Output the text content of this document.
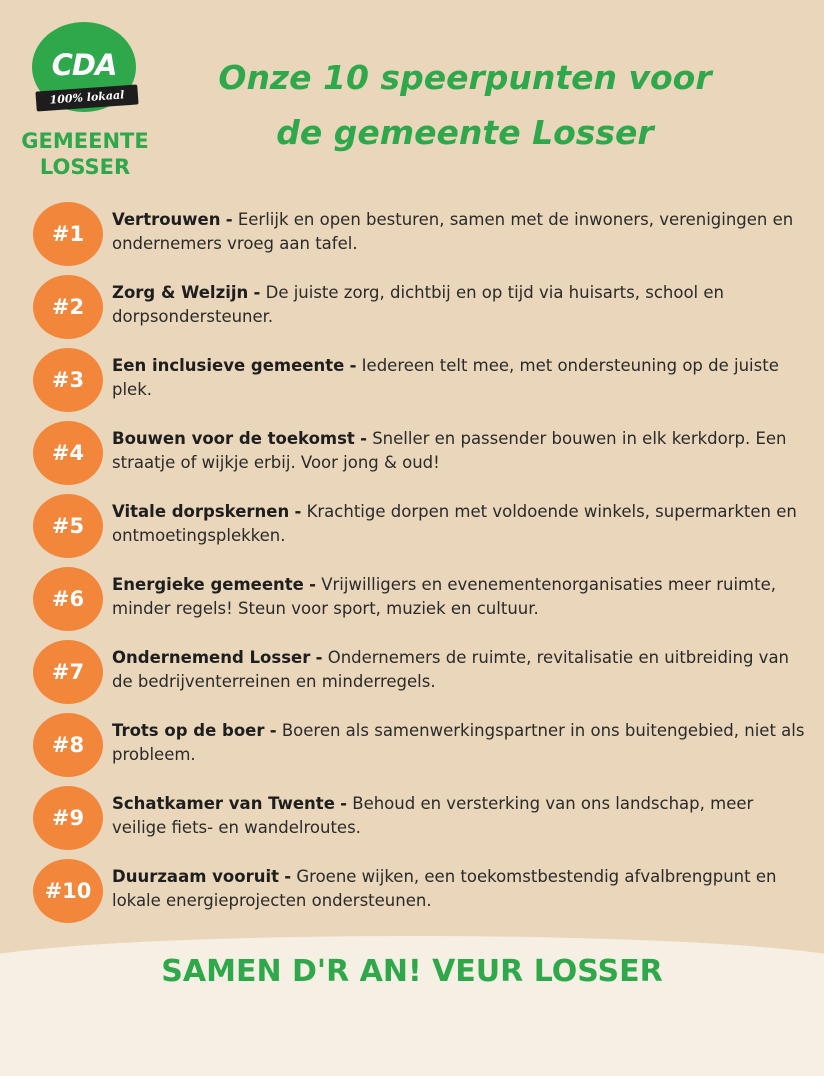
CDA
100% lokaal
GEMEENTE
LOSSER
Onze 10 speerpunten voor
de gemeente Losser
#1
Vertrouwen - Eerlijk en open besturen, samen met de inwoners, verenigingen en ondernemers vroeg aan tafel.
#2
Zorg & Welzijn - De juiste zorg, dichtbij en op tijd via huisarts, school en dorpsondersteuner.
#3
Een inclusieve gemeente - Iedereen telt mee, met ondersteuning op de juiste plek.
#4
Bouwen voor de toekomst - Sneller en passender bouwen in elk kerkdorp. Een straatje of wijkje erbij. Voor jong & oud!
#5
Vitale dorpskernen - Krachtige dorpen met voldoende winkels, supermarkten en ontmoetingsplekken.
#6
Energieke gemeente - Vrijwilligers en evenementenorganisaties meer ruimte, minder regels! Steun voor sport, muziek en cultuur.
#7
Ondernemend Losser - Ondernemers de ruimte, revitalisatie en uitbreiding van de bedrijventerreinen en minderregels.
#8
Trots op de boer - Boeren als samenwerkingspartner in ons buitengebied, niet als probleem.
#9
Schatkamer van Twente - Behoud en versterking van ons landschap, meer veilige fiets- en wandelroutes.
#10
Duurzaam vooruit - Groene wijken, een toekomstbestendig afvalbrengpunt en lokale energieprojecten ondersteunen.
SAMEN D'R AN! VEUR LOSSER
